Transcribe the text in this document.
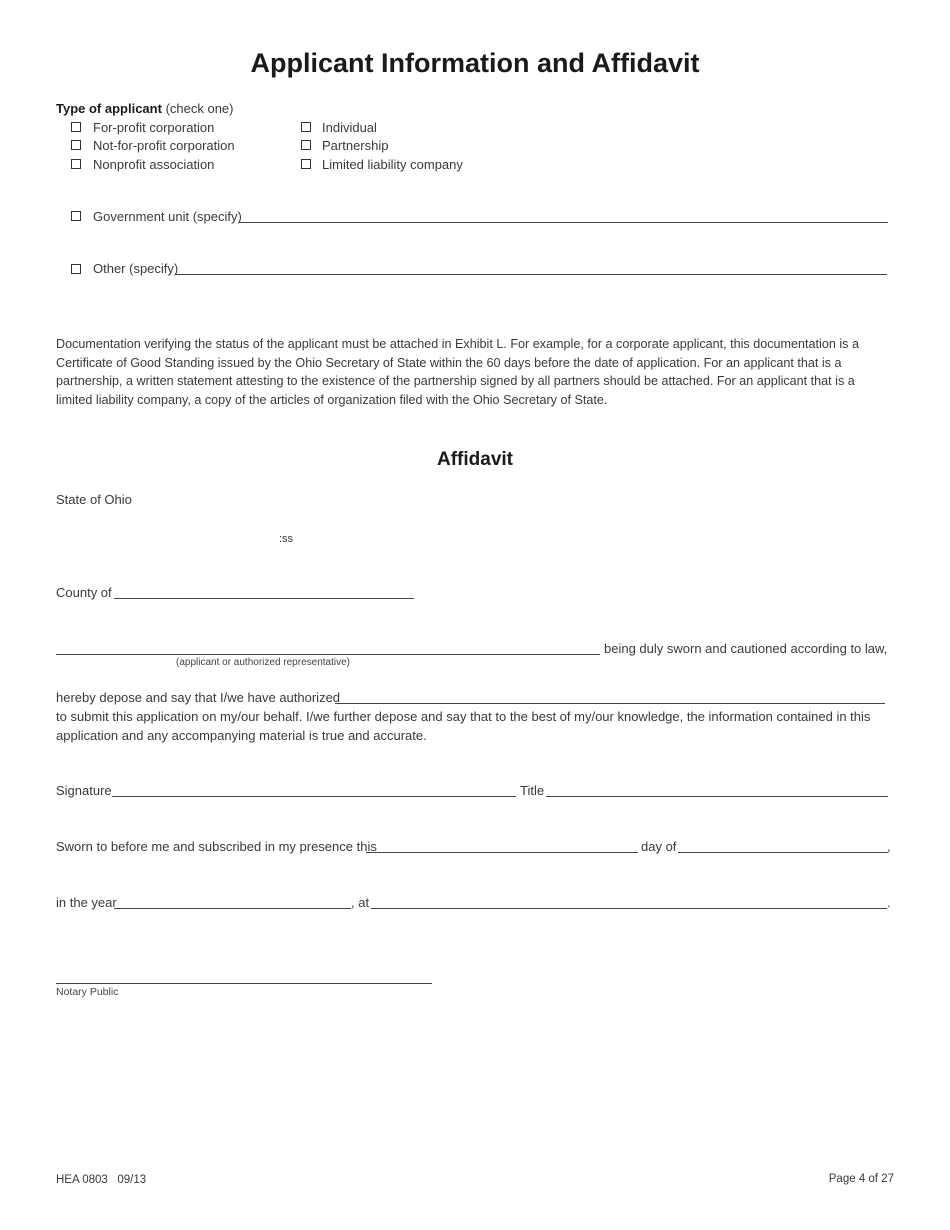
Applicant Information and Affidavit
Type of applicant (check one)
For-profit corporation
Not-for-profit corporation
Nonprofit association
Individual
Partnership
Limited liability company
Government unit (specify)
Other (specify)
Documentation verifying the status of the applicant must be attached in Exhibit L. For example, for a corporate applicant, this documentation is a Certificate of Good Standing issued by the Ohio Secretary of State within the 60 days before the date of application. For an applicant that is a partnership, a written statement attesting to the existence of the partnership signed by all partners should be attached. For an applicant that is a limited liability company, a copy of the articles of organization filed with the Ohio Secretary of State.
Affidavit
State of Ohio
:ss
County of
being duly sworn and cautioned according to law,
(applicant or authorized representative)
hereby depose and say that I/we have authorized
to submit this application on my/our behalf. I/we further depose and say that to the best of my/our knowledge, the information contained in this
application and any accompanying material is true and accurate.
Signature	Title
Sworn to before me and subscribed in my presence this	day of	,
in the year	, at	.
Notary Public
HEA 0803   09/13	Page 4 of 27
